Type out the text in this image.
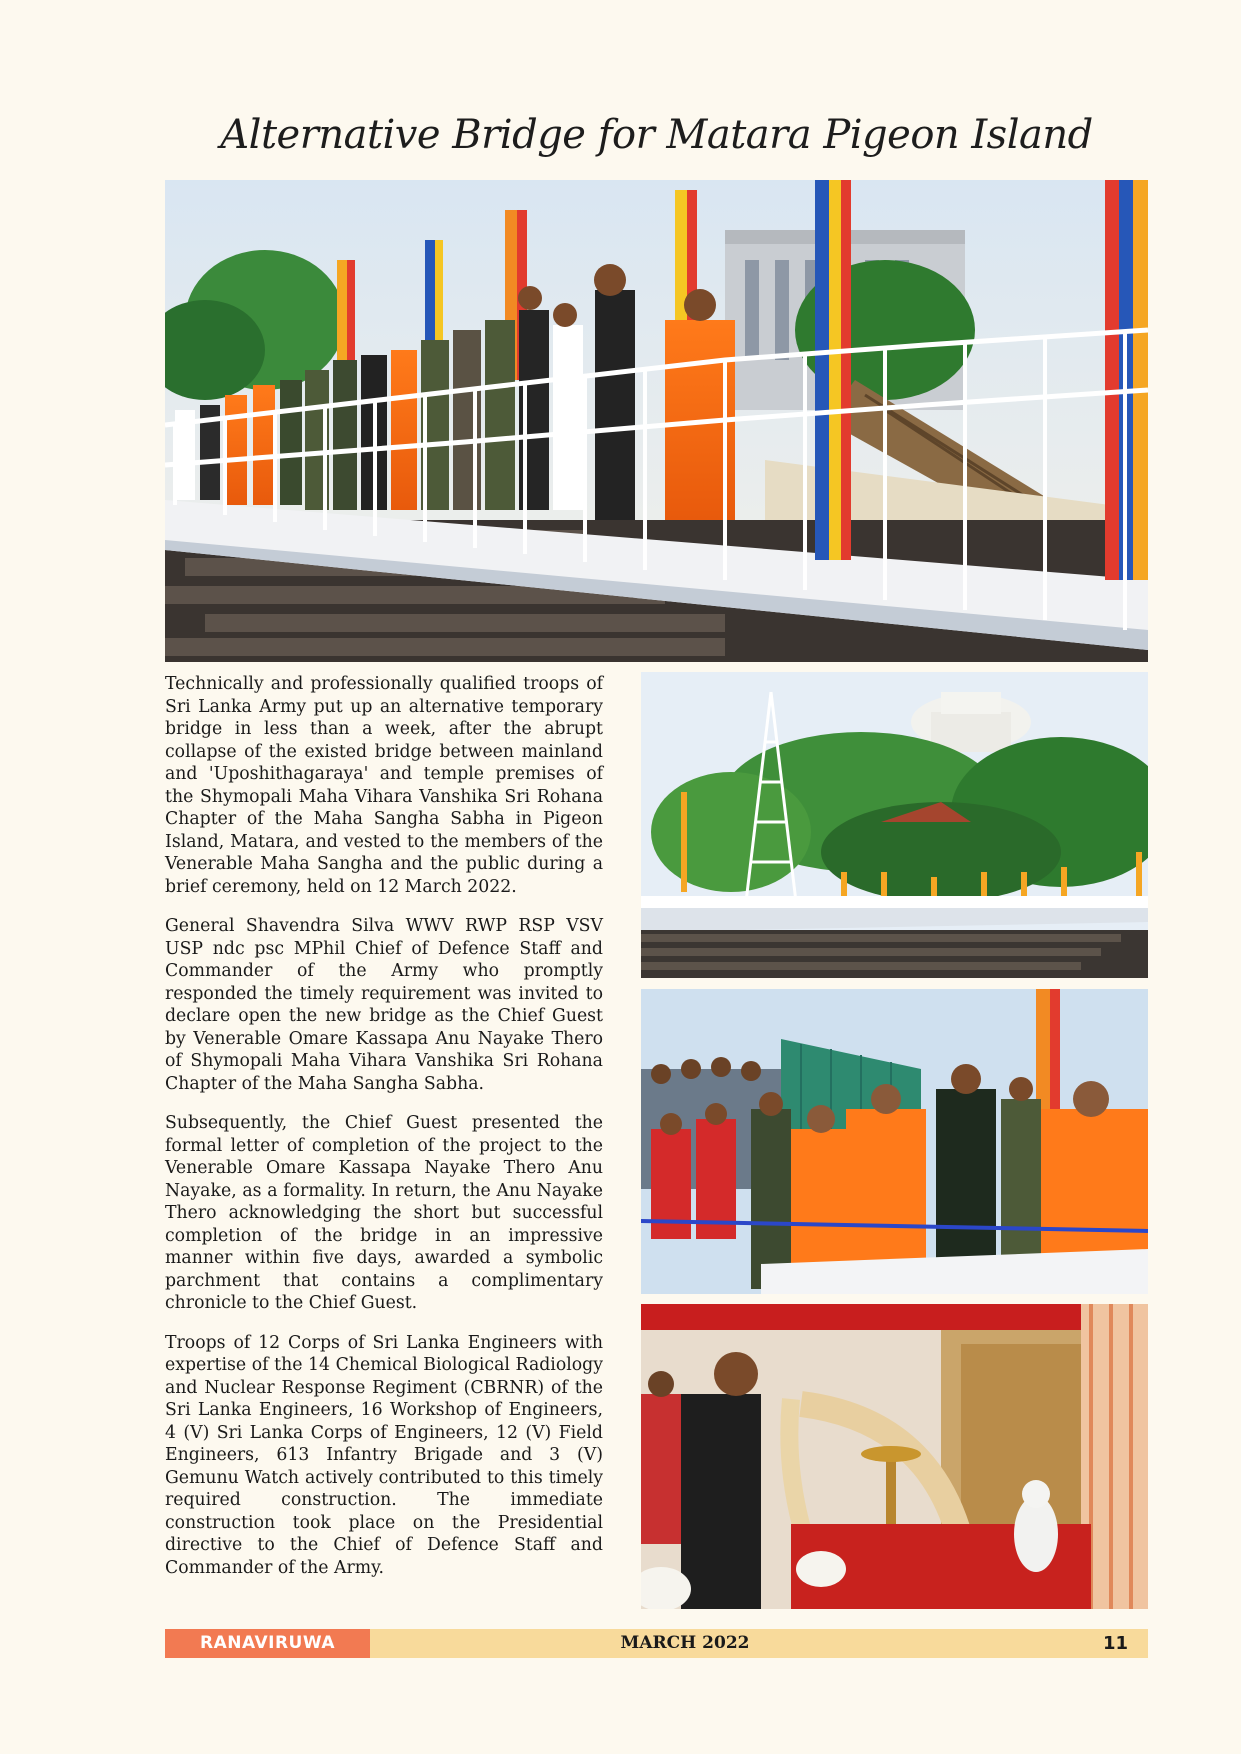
Alternative Bridge for Matara Pigeon Island

Technically and professionally qualified troops of Sri Lanka Army put up an alternative temporary bridge in less than a week, after the abrupt collapse of the existed bridge between mainland and 'Uposhithagaraya' and temple premises of the Shymopali Maha Vihara Vanshika Sri Rohana Chapter of the Maha Sangha Sabha in Pigeon Island, Matara, and vested to the members of the Venerable Maha Sangha and the public during a brief ceremony, held on 12 March 2022.

General Shavendra Silva WWV RWP RSP VSV USP ndc psc MPhil Chief of Defence Staff and Commander of the Army who promptly responded the timely requirement was invited to declare open the new bridge as the Chief Guest by Venerable Omare Kassapa Anu Nayake Thero of Shymopali Maha Vihara Vanshika Sri Rohana Chapter of the Maha Sangha Sabha.

Subsequently, the Chief Guest presented the formal letter of completion of the project to the Venerable Omare Kassapa Nayake Thero Anu Nayake, as a formality. In return, the Anu Nayake Thero acknowledging the short but successful completion of the bridge in an impressive manner within five days, awarded a symbolic parchment that contains a complimentary chronicle to the Chief Guest.

Troops of 12 Corps of Sri Lanka Engineers with expertise of the 14 Chemical Biological Radiology and Nuclear Response Regiment (CBRNR) of the Sri Lanka Engineers, 16 Workshop of Engineers, 4 (V) Sri Lanka Corps of Engineers, 12 (V) Field Engineers, 613 Infantry Brigade and 3 (V) Gemunu Watch actively contributed to this timely required construction. The immediate construction took place on the Presidential directive to the Chief of Defence Staff and Commander of the Army.

RANAVIRUWA	MARCH 2022	11
